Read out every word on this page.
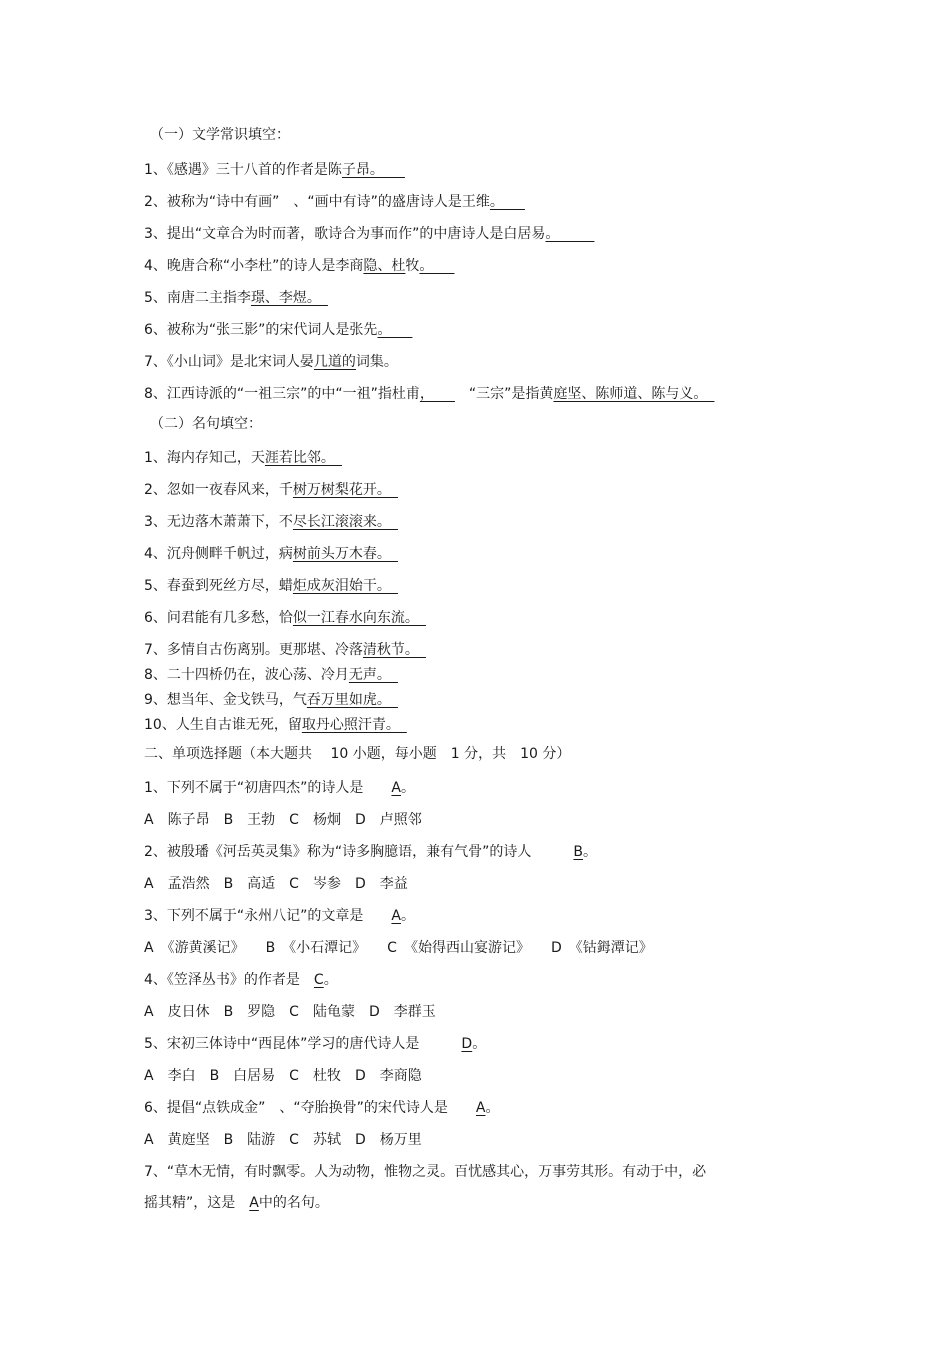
（一）文学常识填空：
1、《感遇》三十八首的作者是陈子昂。　　
2、被称为“诗中有画”　、“画中有诗”的盛唐诗人是王维。　　
3、提出“文章合为时而著，歌诗合为事而作”的中唐诗人是白居易。　　　
4、晚唐合称“小李杜”的诗人是李商隐、杜牧。　　
5、南唐二主指李璟、李煜。　
6、被称为“张三影”的宋代词人是张先。　　
7、《小山词》是北宋词人晏几道的词集。
8、江西诗派的“一祖三宗”的中“一祖”指杜甫，　　　“三宗”是指黄庭坚、陈师道、陈与义。　
（二）名句填空：
1、海内存知己，天涯若比邻。　
2、忽如一夜春风来，千树万树梨花开。　
3、无边落木萧萧下，不尽长江滚滚来。　
4、沉舟侧畔千帆过，病树前头万木春。　
5、春蚕到死丝方尽，蜡炬成灰泪始干。　
6、问君能有几多愁，恰似一江春水向东流。　
7、多情自古伤离别。更那堪、冷落清秋节。　
8、二十四桥仍在，波心荡、冷月无声。　
9、想当年、金戈铁马，气吞万里如虎。　
10、人生自古谁无死，留取丹心照汗青。　
二、单项选择题（本大题共　 10 小题，每小题　1 分，共　10 分）
1、下列不属于“初唐四杰”的诗人是　　A。
A　陈子昂　B　王勃　C　杨炯　D　卢照邻
2、被殷璠《河岳英灵集》称为“诗多胸臆语，兼有气骨”的诗人　　　B。
A　孟浩然　B　高适　C　岑参　D　李益
3、下列不属于“永州八记”的文章是　　A。
A　《游黄溪记》　　B　《小石潭记》　　C　《始得西山宴游记》　　D　《钴鉧潭记》
4、《笠泽丛书》的作者是　C。
A　皮日休　B　罗隐　C　陆龟蒙　D　李群玉
5、宋初三体诗中“西昆体”学习的唐代诗人是　　　D。
A　李白　B　白居易　C　杜牧　D　李商隐
6、提倡“点铁成金”　、“夺胎换骨”的宋代诗人是　　A。
A　黄庭坚　B　陆游　C　苏轼　D　杨万里
7、“草木无情，有时飘零。人为动物，惟物之灵。百忧感其心，万事劳其形。有动于中，必
摇其精”，这是　A中的名句。
